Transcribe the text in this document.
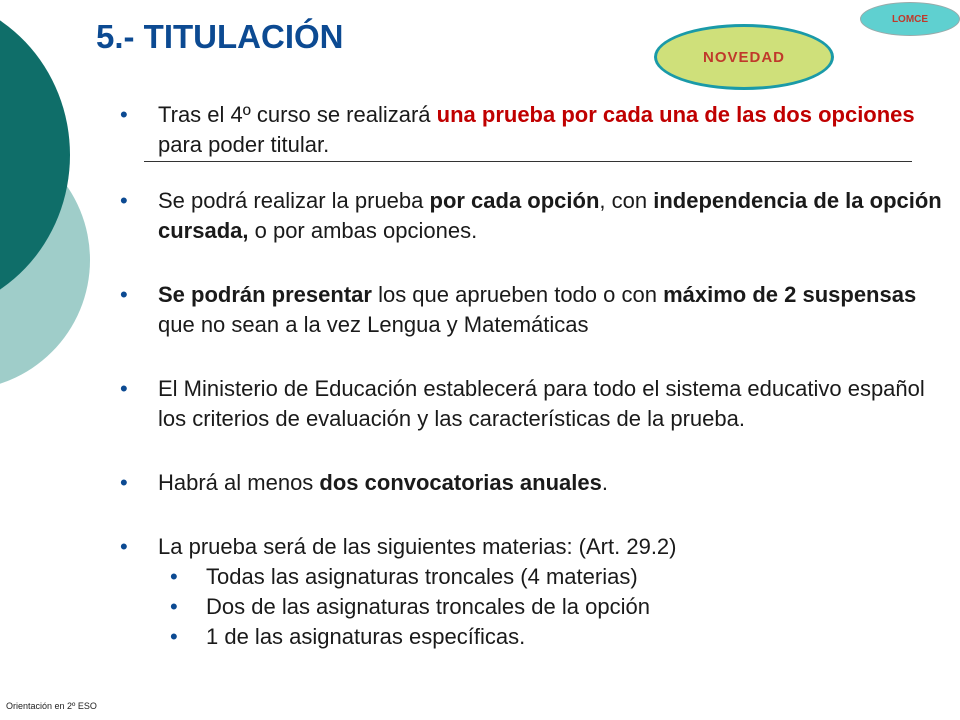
5.- TITULACIÓN	LOMCE
NOVEDAD
• Tras el 4º curso se realizará una prueba por cada una de las dos opciones para poder titular.
• Se podrá realizar la prueba por cada opción, con independencia de la opción cursada, o por ambas opciones.
• Se podrán presentar los que aprueben todo o con máximo de 2 suspensas que no sean a la vez Lengua y Matemáticas
• El Ministerio de Educación establecerá para todo el sistema educativo español los criterios de evaluación y las características de la prueba.
• Habrá al menos dos convocatorias anuales.
• La prueba será de las siguientes materias: (Art. 29.2)
• Todas las asignaturas troncales (4 materias)
• Dos de las asignaturas troncales de la opción
• 1 de las asignaturas específicas.
Orientación en 2º ESO
